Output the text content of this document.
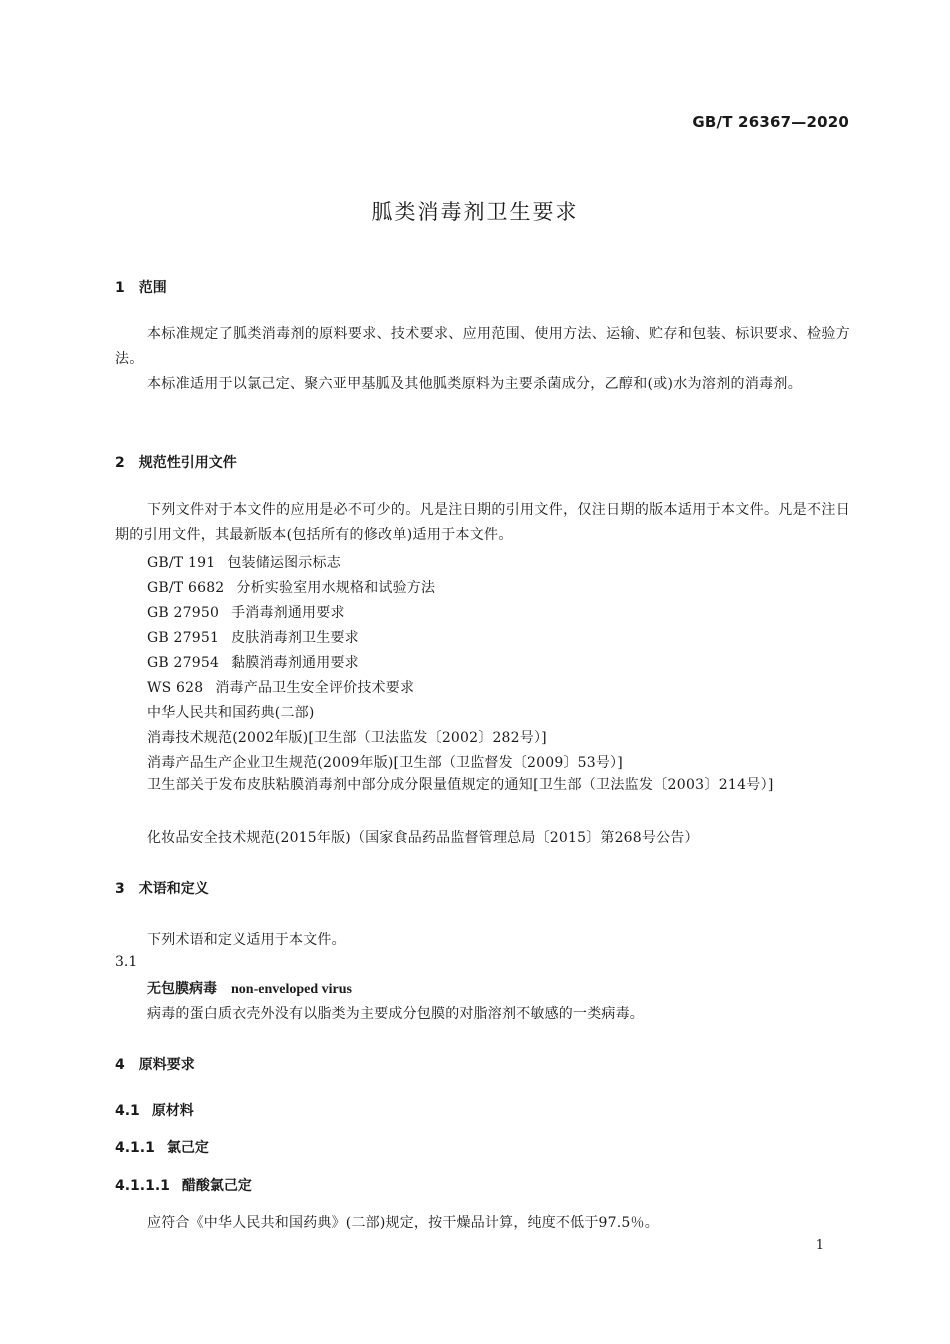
GB/T 26367—2020
胍类消毒剂卫生要求
1 范围
本标准规定了胍类消毒剂的原料要求、技术要求、应用范围、使用方法、运输、贮存和包装、标识要求、检验方法。
本标准适用于以氯己定、聚六亚甲基胍及其他胍类原料为主要杀菌成分，乙醇和(或)水为溶剂的消毒剂。
2 规范性引用文件
下列文件对于本文件的应用是必不可少的。凡是注日期的引用文件，仅注日期的版本适用于本文件。凡是不注日期的引用文件，其最新版本(包括所有的修改单)适用于本文件。
GB/T 191 包装储运图示标志
GB/T 6682 分析实验室用水规格和试验方法
GB 27950 手消毒剂通用要求
GB 27951 皮肤消毒剂卫生要求
GB 27954 黏膜消毒剂通用要求
WS 628 消毒产品卫生安全评价技术要求
中华人民共和国药典(二部)
消毒技术规范(2002年版)[卫生部（卫法监发〔2002〕282号）]
消毒产品生产企业卫生规范(2009年版)[卫生部（卫监督发〔2009〕53号）]
卫生部关于发布皮肤粘膜消毒剂中部分成分限量值规定的通知[卫生部（卫法监发〔2003〕214号）]
化妆品安全技术规范(2015年版)（国家食品药品监督管理总局〔2015〕第268号公告）
3 术语和定义
下列术语和定义适用于本文件。
3.1
无包膜病毒 non-enveloped virus
病毒的蛋白质衣壳外没有以脂类为主要成分包膜的对脂溶剂不敏感的一类病毒。
4 原料要求
4.1 原材料
4.1.1 氯己定
4.1.1.1 醋酸氯己定
应符合《中华人民共和国药典》(二部)规定，按干燥品计算，纯度不低于97.5％。
1
